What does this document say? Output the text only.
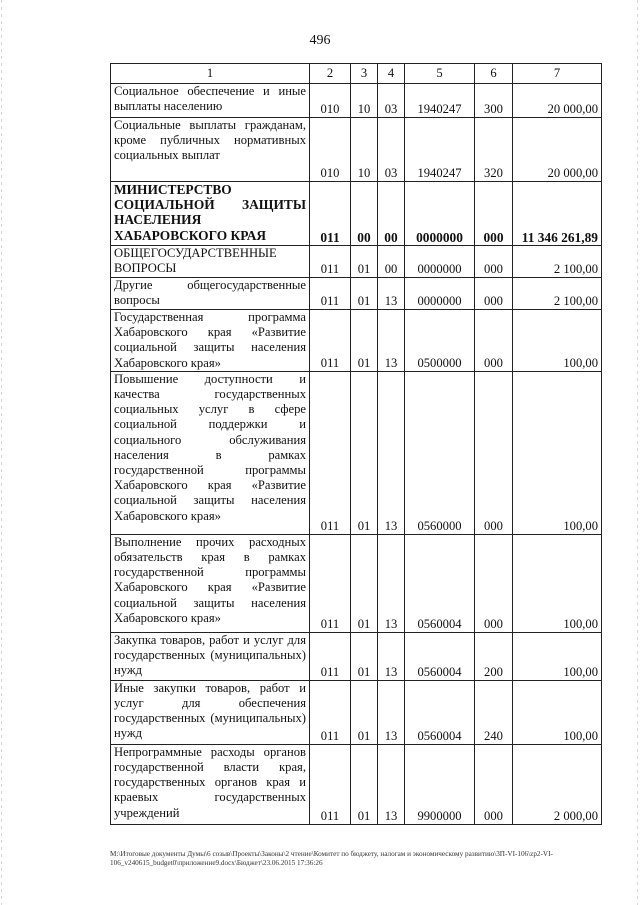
496
1	2	3	4	5	6	7
Социальное обеспечение и иные выплаты населению	010	10	03	1940247	300	20 000,00
Социальные выплаты гражданам, кроме публичных нормативных социальных выплат	010	10	03	1940247	320	20 000,00
МИНИСТЕРСТВО СОЦИАЛЬНОЙ ЗАЩИТЫ НАСЕЛЕНИЯ ХАБАРОВСКОГО КРАЯ	011	00	00	0000000	000	11 346 261,89
ОБЩЕГОСУДАРСТВЕННЫЕ ВОПРОСЫ	011	01	00	0000000	000	2 100,00
Другие общегосударственные вопросы	011	01	13	0000000	000	2 100,00
Государственная программа Хабаровского края «Развитие социальной защиты населения Хабаровского края»	011	01	13	0500000	000	100,00
Повышение доступности и качества государственных социальных услуг в сфере социальной поддержки и социального обслуживания населения в рамках государственной программы Хабаровского края «Развитие социальной защиты населения Хабаровского края»	011	01	13	0560000	000	100,00
Выполнение прочих расходных обязательств края в рамках государственной программы Хабаровского края «Развитие социальной защиты населения Хабаровского края»	011	01	13	0560004	000	100,00
Закупка товаров, работ и услуг для государственных (муниципальных) нужд	011	01	13	0560004	200	100,00
Иные закупки товаров, работ и услуг для обеспечения государственных (муниципальных) нужд	011	01	13	0560004	240	100,00
Непрограммные расходы органов государственной власти края, государственных органов края и краевых государственных учреждений	011	01	13	9900000	000	2 000,00
M:\Итоговые документы Думы\6 созыв\Проекты\Законы\2 чтение\Комитет по бюджету, налогам и экономическому развитию\3П-VI-106\zp2-VI-106_v240615_budget0\приложение9.docx\Бюджет\23.06.2015 17:36:26
